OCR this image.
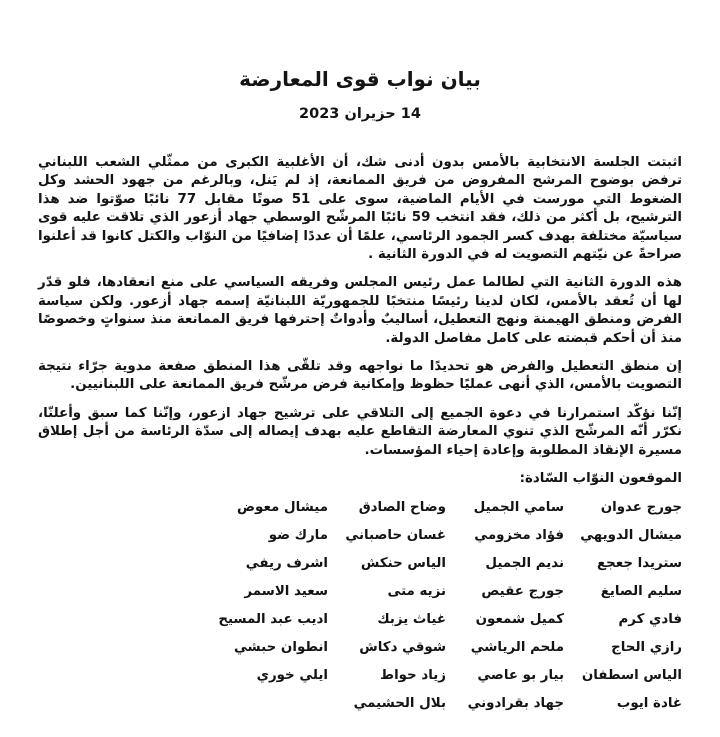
بيان نواب قوى المعارضة
14 حزيران 2023

اثبتت الجلسة الانتخابية بالأمس بدون أدنى شك، أن الأغلبية الكبرى من ممثّلي الشعب اللبناني ترفض بوضوح المرشح المفروض من فريق الممانعة، إذ لم يَنل، وبالرغم من جهود الحشد وكل الضغوط التي مورست في الأيام الماضية، سوى على 51 صوتًا مقابل 77 نائبًا صوّتوا ضد هذا الترشيح، بل أكثر من ذلك، فقد انتخب 59 نائبًا المرشّح الوسطي جهاد أزعور الذي تلاقت عليه قوى سياسيّة مختلفة بهدف كسر الجمود الرئاسي، علمًا أن عددًا إضافيًا من النوّاب والكتل كانوا قد أعلنوا صراحةً عن نيّتهم التصويت له في الدورة الثانية .

هذه الدورة الثانية التي لطالما عمل رئيس المجلس وفريقه السياسي على منع انعقادها، فلو قدّر لها أن تُعقد بالأمس، لكان لدينا رئيسًا منتخبًا للجمهوريّة اللبنانيّة إسمه جهاد أزعور. ولكن سياسة الفرض ومنطق الهيمنة ونهج التعطيل، أساليبٌ وأدواتٌ إحترفها فريق الممانعة منذ سنواتٍ وخصوصًا منذ أن أحكم قبضته على كامل مفاصل الدولة.

إن منطق التعطيل والفرض هو تحديدًا ما نواجهه وقد تلقّى هذا المنطق صفعة مدوية جرّاء نتيجة التصويت بالأمس، الذي أنهى عمليًا حظوظ وإمكانية فرض مرشّح فريق الممانعة على اللبنانيين.

إنّنا نؤكّد استمرارنا في دعوة الجميع إلى التلاقي على ترشيح جهاد ازعور، وإنّنا كما سبق وأعلنّا، نكرّر أنّه المرشّح الذي تنوي المعارضة التقاطع عليه بهدف إيصاله إلى سدّة الرئاسة من أجل إطلاق مسيرة الإنقاذ المطلوبة وإعادة إحياء المؤسسات.

الموقعون النوّاب السّادة:
جورج عدوان
سامي الجميل
وضاح الصادق
ميشال معوض
ميشال الدويهي
فؤاد مخزومي
غسان حاصباني
مارك ضو
ستريدا جعجع
نديم الجميل
الياس حنكش
اشرف ريفي
سليم الصايغ
جورج عقيص
نزيه متى
سعيد الاسمر
فادي كرم
كميل شمعون
غياث يزبك
اديب عبد المسيح
رازي الحاج
ملحم الرياشي
شوقي دكاش
انطوان حبشي
الياس اسطفان
بيار بو عاصي
زياد حواط
ايلي خوري
غادة ايوب
جهاد بقرادوني
بلال الحشيمي
